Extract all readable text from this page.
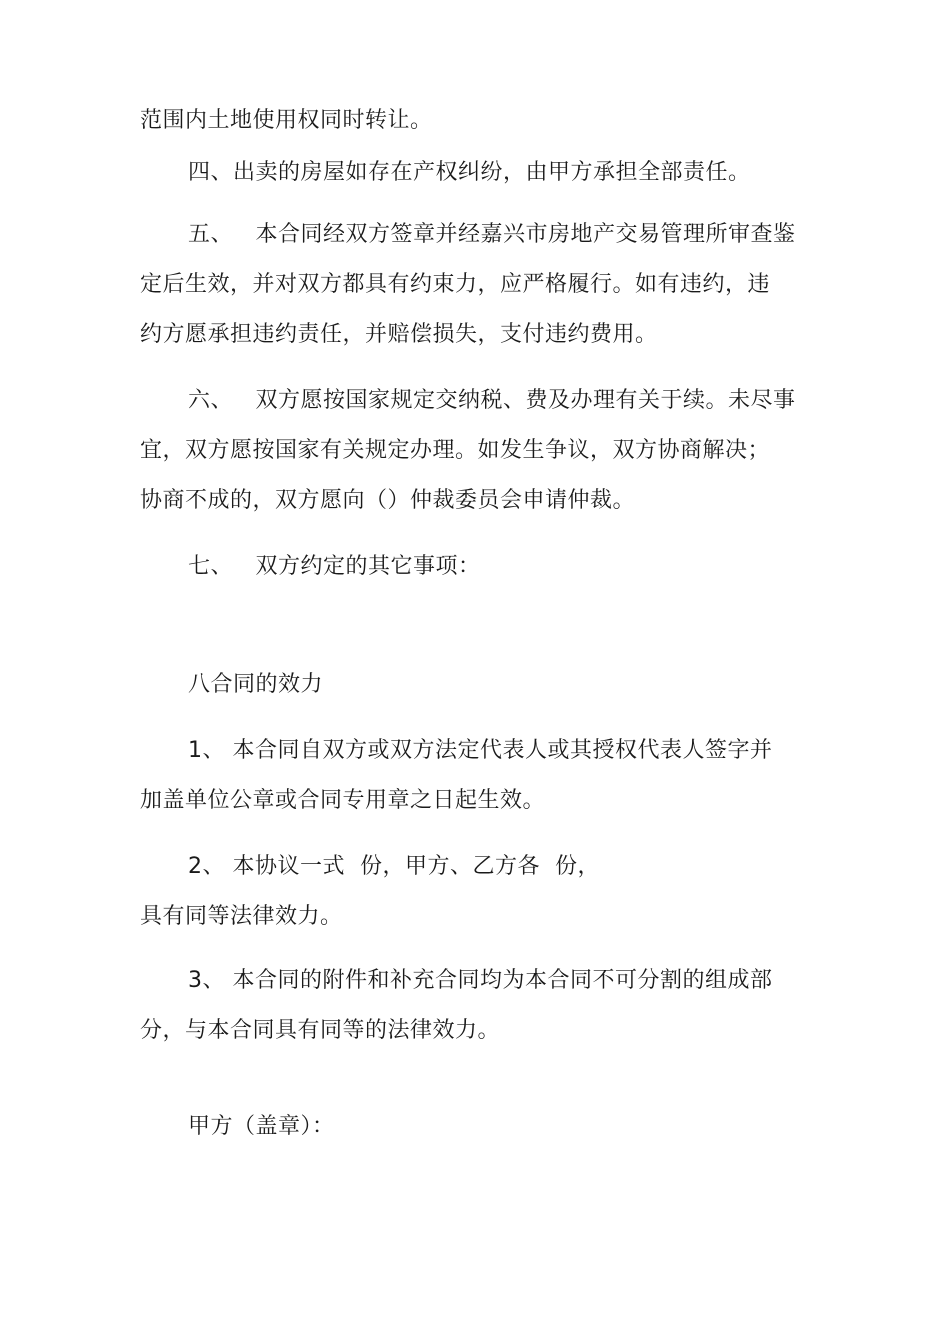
范围内土地使用权同时转让。
四、出卖的房屋如存在产权纠纷，由甲方承担全部责任。
五、   本合同经双方签章并经嘉兴市房地产交易管理所审查鉴
定后生效，并对双方都具有约束力，应严格履行。如有违约，违
约方愿承担违约责任，并赔偿损失，支付违约费用。
六、   双方愿按国家规定交纳税、费及办理有关于续。未尽事
宜，双方愿按国家有关规定办理。如发生争议，双方协商解决；
协商不成的，双方愿向（）仲裁委员会申请仲裁。
七、   双方约定的其它事项：
八合同的效力
1、 本合同自双方或双方法定代表人或其授权代表人签字并
加盖单位公章或合同专用章之日起生效。
2、 本协议一式  份，甲方、乙方各  份，
具有同等法律效力。
3、 本合同的附件和补充合同均为本合同不可分割的组成部
分，与本合同具有同等的法律效力。
甲方（盖章）：
